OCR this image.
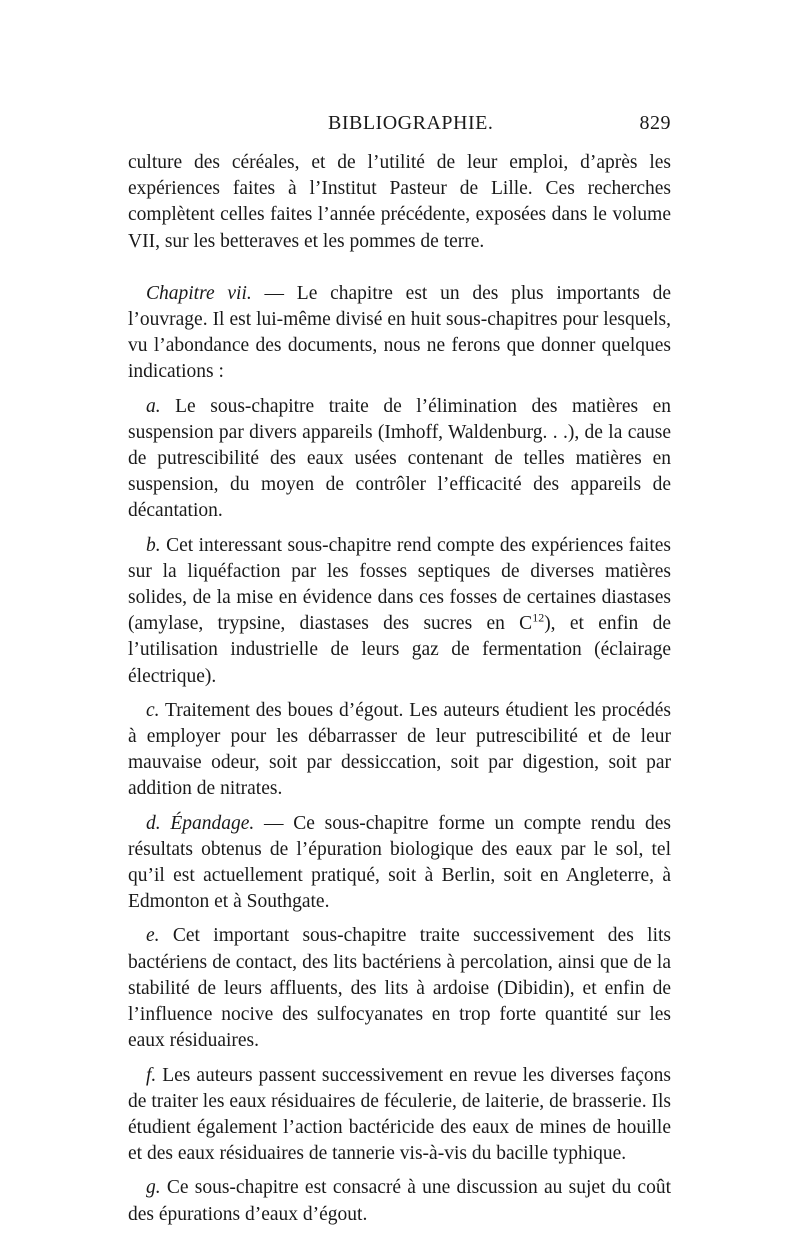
BIBLIOGRAPHIE.	829

culture des céréales, et de l’utilité de leur emploi, d’après les expériences faites à l’Institut Pasteur de Lille. Ces recherches complètent celles faites l’année précédente, exposées dans le volume VII, sur les betteraves et les pommes de terre.

Chapitre vii. — Le chapitre est un des plus importants de l’ouvrage. Il est lui-même divisé en huit sous-chapitres pour lesquels, vu l’abondance des documents, nous ne ferons que donner quelques indications :

a. Le sous-chapitre traite de l’élimination des matières en suspension par divers appareils (Imhoff, Waldenburg. . .), de la cause de putrescibilité des eaux usées contenant de telles matières en suspension, du moyen de contrôler l’efficacité des appareils de décantation.

b. Cet interessant sous-chapitre rend compte des expériences faites sur la liquéfaction par les fosses septiques de diverses matières solides, de la mise en évidence dans ces fosses de certaines diastases (amylase, trypsine, diastases des sucres en $C^{12}$), et enfin de l’utilisation industrielle de leurs gaz de fermentation (éclairage électrique).

c. Traitement des boues d’égout. Les auteurs étudient les procédés à employer pour les débarrasser de leur putrescibilité et de leur mauvaise odeur, soit par dessiccation, soit par digestion, soit par addition de nitrates.

d. Épandage. — Ce sous-chapitre forme un compte rendu des résultats obtenus de l’épuration biologique des eaux par le sol, tel qu’il est actuellement pratiqué, soit à Berlin, soit en Angleterre, à Edmonton et à Southgate.

e. Cet important sous-chapitre traite successivement des lits bactériens de contact, des lits bactériens à percolation, ainsi que de la stabilité de leurs affluents, des lits à ardoise (Dibidin), et enfin de l’influence nocive des sulfocyanates en trop forte quantité sur les eaux résiduaires.

f. Les auteurs passent successivement en revue les diverses façons de traiter les eaux résiduaires de féculerie, de laiterie, de brasserie. Ils étudient également l’action bactéricide des eaux de mines de houille et des eaux résiduaires de tannerie vis-à-vis du bacille typhique.

g. Ce sous-chapitre est consacré à une discussion au sujet du coût des épurations d’eaux d’égout.
